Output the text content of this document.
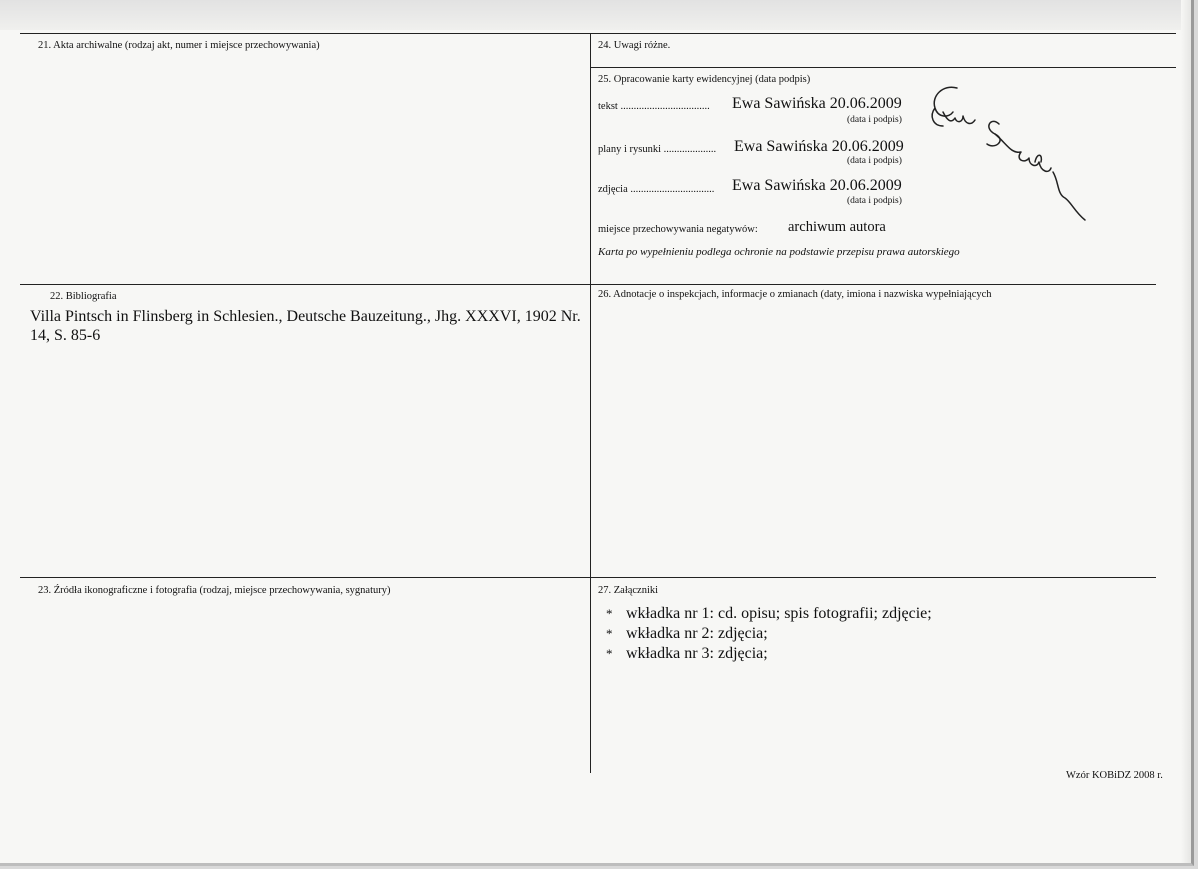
21. Akta archiwalne (rodzaj akt, numer i miejsce przechowywania)	24. Uwagi różne.
25. Opracowanie karty ewidencyjnej (data podpis)
tekst .................................. Ewa Sawińska 20.06.2009
(data i podpis)
plany i rysunki .................... Ewa Sawińska 20.06.2009
(data i podpis)
zdjęcia ................................ Ewa Sawińska 20.06.2009
(data i podpis)
miejsce przechowywania negatywów: archiwum autora
Karta po wypełnieniu podlega ochronie na podstawie przepisu prawa autorskiego
22. Bibliografia
Villa Pintsch in Flinsberg in Schlesien., Deutsche Bauzeitung., Jhg. XXXVI, 1902 Nr. 14, S. 85-6
26. Adnotacje o inspekcjach, informacje o zmianach (daty, imiona i nazwiska wypełniających
23. Źródła ikonograficzne i fotografia (rodzaj, miejsce przechowywania, sygnatury)	27. Załączniki
* wkładka nr 1: cd. opisu; spis fotografii; zdjęcie;
* wkładka nr 2: zdjęcia;
* wkładka nr 3: zdjęcia;
Wzór KOBiDZ 2008 r.
